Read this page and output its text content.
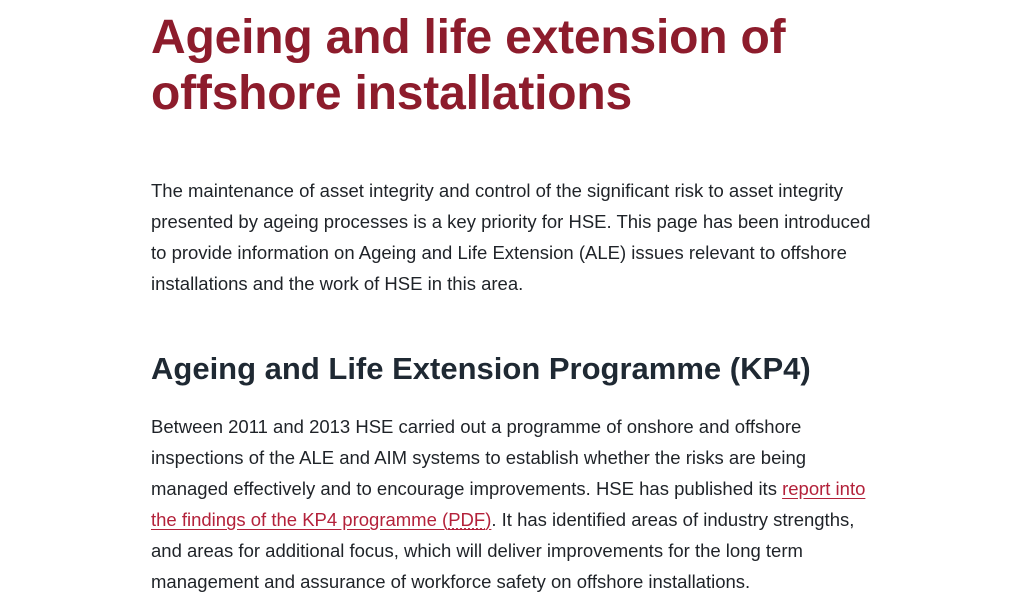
Ageing and life extension of
offshore installations

The maintenance of asset integrity and control of the significant risk to asset integrity presented by ageing processes is a key priority for HSE. This page has been introduced to provide information on Ageing and Life Extension (ALE) issues relevant to offshore installations and the work of HSE in this area.

Ageing and Life Extension Programme (KP4)

Between 2011 and 2013 HSE carried out a programme of onshore and offshore inspections of the ALE and AIM systems to establish whether the risks are being managed effectively and to encourage improvements. HSE has published its report into the findings of the KP4 programme (PDF). It has identified areas of industry strengths, and areas for additional focus, which will deliver improvements for the long term management and assurance of workforce safety on offshore installations.
